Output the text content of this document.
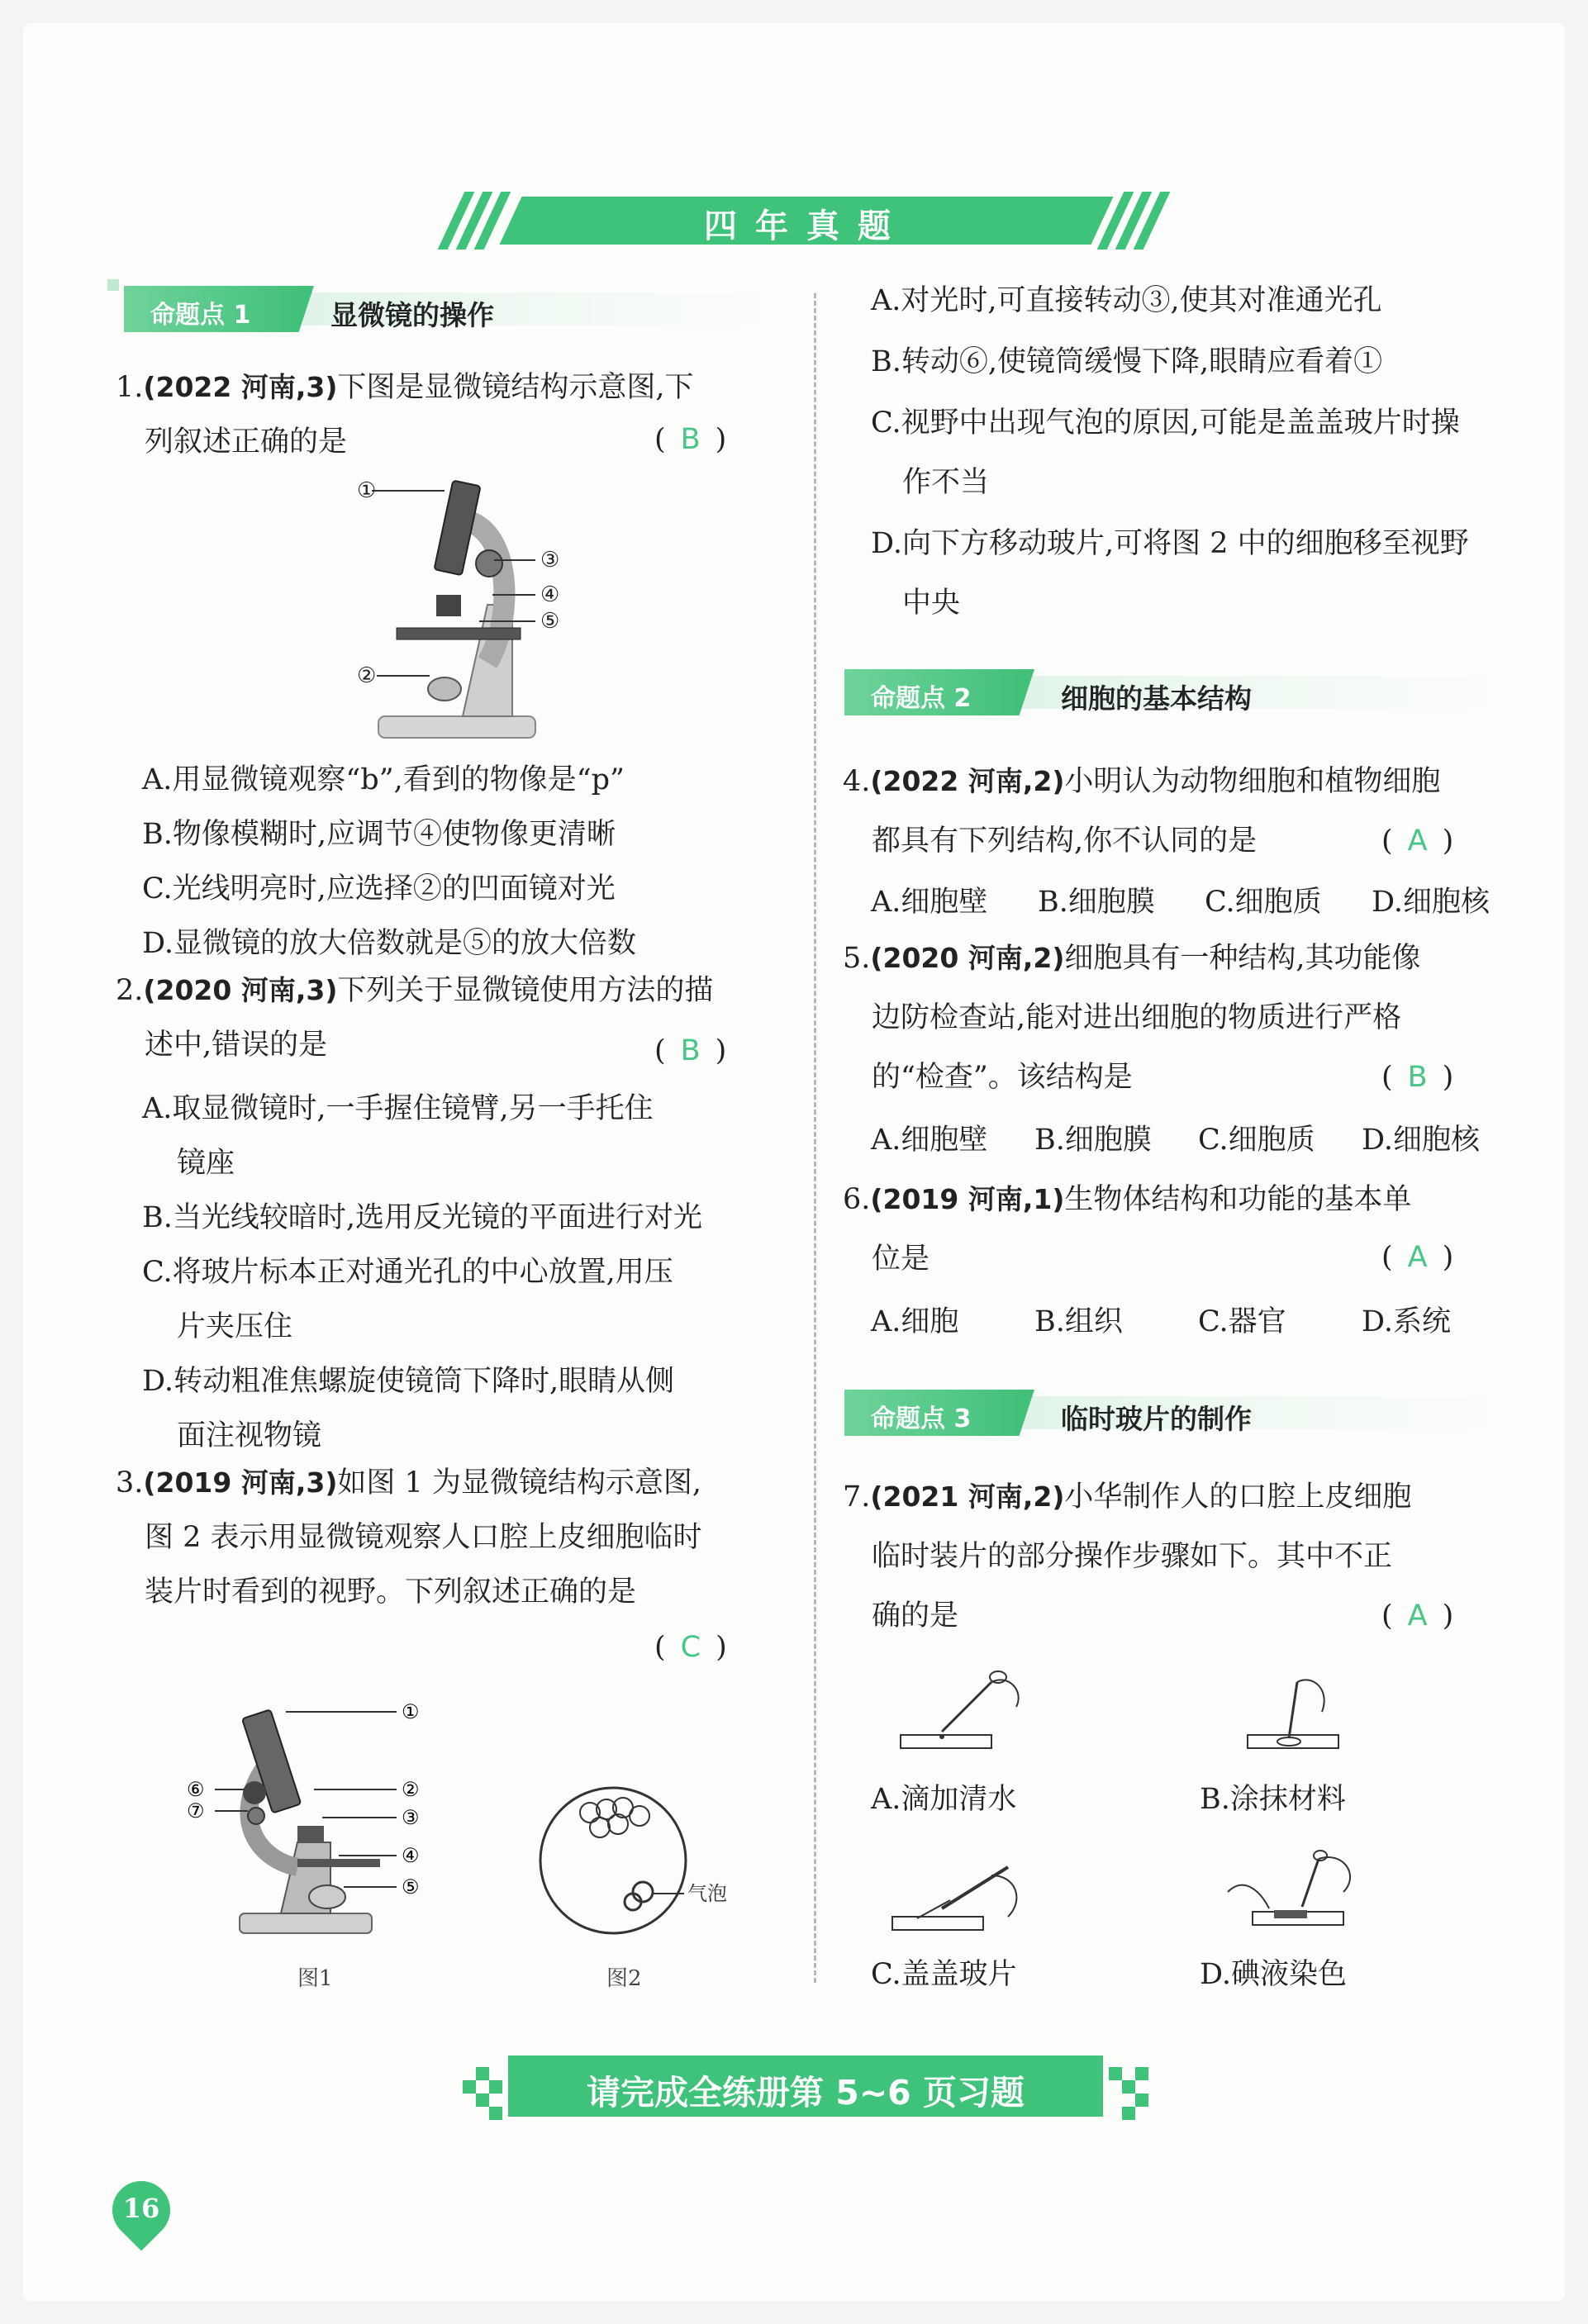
四年真题
命题点 1	显微镜的操作
1.(2022 河南,3)下图是显微镜结构示意图,下
列叙述正确的是	( B )
①
③
④
⑤
②
A.用显微镜观察“b”,看到的物像是“p”
B.物像模糊时,应调节④使物像更清晰
C.光线明亮时,应选择②的凹面镜对光
D.显微镜的放大倍数就是⑤的放大倍数
2.(2020 河南,3)下列关于显微镜使用方法的描
述中,错误的是	( B )
A.取显微镜时,一手握住镜臂,另一手托住
镜座
B.当光线较暗时,选用反光镜的平面进行对光
C.将玻片标本正对通光孔的中心放置,用压
片夹压住
D.转动粗准焦螺旋使镜筒下降时,眼睛从侧
面注视物镜
3.(2019 河南,3)如图 1 为显微镜结构示意图,
图 2 表示用显微镜观察人口腔上皮细胞临时
装片时看到的视野。下列叙述正确的是
( C )
①
⑥
⑦
②
③
④
⑤
图1
气泡
图2
A.对光时,可直接转动③,使其对准通光孔
B.转动⑥,使镜筒缓慢下降,眼睛应看着①
C.视野中出现气泡的原因,可能是盖盖玻片时操
作不当
D.向下方移动玻片,可将图 2 中的细胞移至视野
中央
命题点 2	细胞的基本结构
4.(2022 河南,2)小明认为动物细胞和植物细胞
都具有下列结构,你不认同的是	( A )
A.细胞壁 B.细胞膜 C.细胞质 D.细胞核
5.(2020 河南,2)细胞具有一种结构,其功能像
边防检查站,能对进出细胞的物质进行严格
的“检查”。该结构是	( B )
A.细胞壁 B.细胞膜 C.细胞质 D.细胞核
6.(2019 河南,1)生物体结构和功能的基本单
位是	( A )
A.细胞	B.组织	C.器官	D.系统
命题点 3	临时玻片的制作
7.(2021 河南,2)小华制作人的口腔上皮细胞
临时装片的部分操作步骤如下。其中不正
确的是	( A )
A.滴加清水	B.涂抹材料
C.盖盖玻片	D.碘液染色
请完成全练册第 5~6 页习题
16
